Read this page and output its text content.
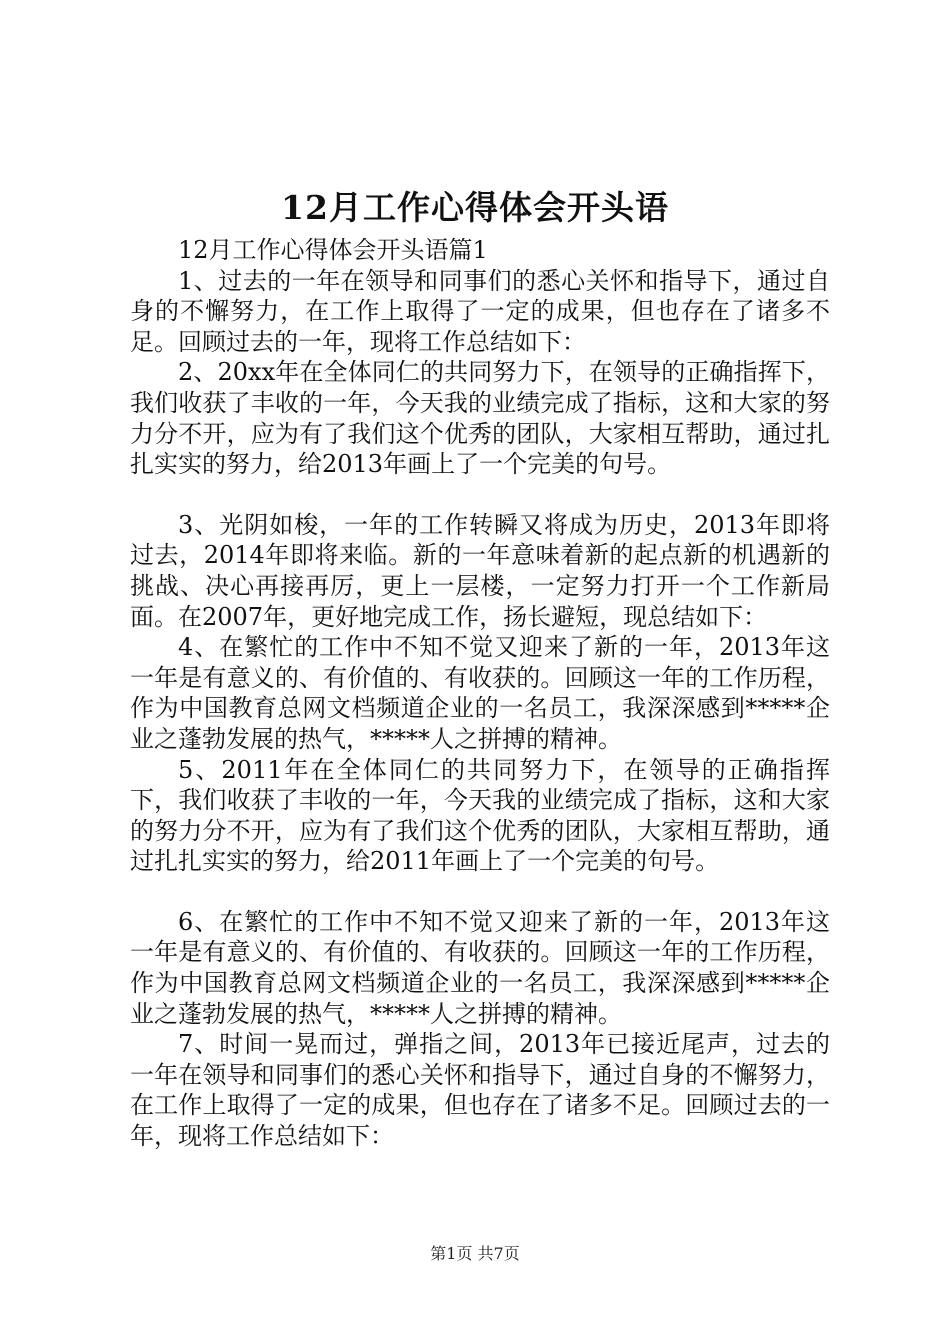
12月工作心得体会开头语

12月工作心得体会开头语篇1

1、过去的一年在领导和同事们的悉心关怀和指导下，通过自身的不懈努力，在工作上取得了一定的成果，但也存在了诸多不足。回顾过去的一年，现将工作总结如下：

2、20xx年在全体同仁的共同努力下，在领导的正确指挥下，我们收获了丰收的一年，今天我的业绩完成了指标，这和大家的努力分不开，应为有了我们这个优秀的团队，大家相互帮助，通过扎扎实实的努力，给2013年画上了一个完美的句号。

3、光阴如梭，一年的工作转瞬又将成为历史，2013年即将过去，2014年即将来临。新的一年意味着新的起点新的机遇新的挑战、决心再接再厉，更上一层楼，一定努力打开一个工作新局面。在2007年，更好地完成工作，扬长避短，现总结如下：

4、在繁忙的工作中不知不觉又迎来了新的一年，2013年这一年是有意义的、有价值的、有收获的。回顾这一年的工作历程，作为中国教育总网文档频道企业的一名员工，我深深感到*****企业之蓬勃发展的热气，*****人之拼搏的精神。

5、2011年在全体同仁的共同努力下，在领导的正确指挥下，我们收获了丰收的一年，今天我的业绩完成了指标，这和大家的努力分不开，应为有了我们这个优秀的团队，大家相互帮助，通过扎扎实实的努力，给2011年画上了一个完美的句号。

6、在繁忙的工作中不知不觉又迎来了新的一年，2013年这一年是有意义的、有价值的、有收获的。回顾这一年的工作历程，作为中国教育总网文档频道企业的一名员工，我深深感到*****企业之蓬勃发展的热气，*****人之拼搏的精神。

7、时间一晃而过，弹指之间，2013年已接近尾声，过去的一年在领导和同事们的悉心关怀和指导下，通过自身的不懈努力，在工作上取得了一定的成果，但也存在了诸多不足。回顾过去的一年，现将工作总结如下：

第1页 共7页
